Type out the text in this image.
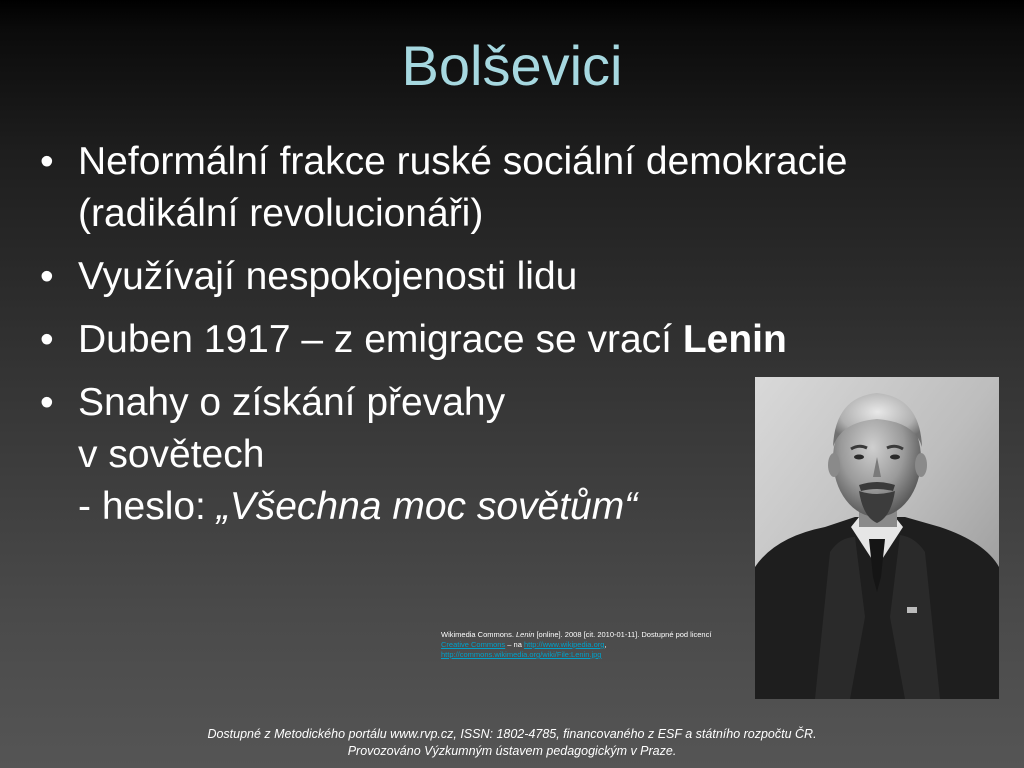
Bolševici
• Neformální frakce ruské sociální demokracie
(radikální revolucionáři)
• Využívají nespokojenosti lidu
• Duben 1917 – z emigrace se vrací Lenin
• Snahy o získání převahy
v sovětech
- heslo: „Všechna moc sovětům“
Wikimedia Commons. Lenin [online]. 2008 [cit. 2010-01-11]. Dostupné pod licencí
Creative Commons – na http://www.wikipedia.org,
http://commons.wikimedia.org/wiki/File:Lenin.jpg
Dostupné z Metodického portálu www.rvp.cz, ISSN: 1802-4785, financovaného z ESF a státního rozpočtu ČR.
Provozováno Výzkumným ústavem pedagogickým v Praze.
